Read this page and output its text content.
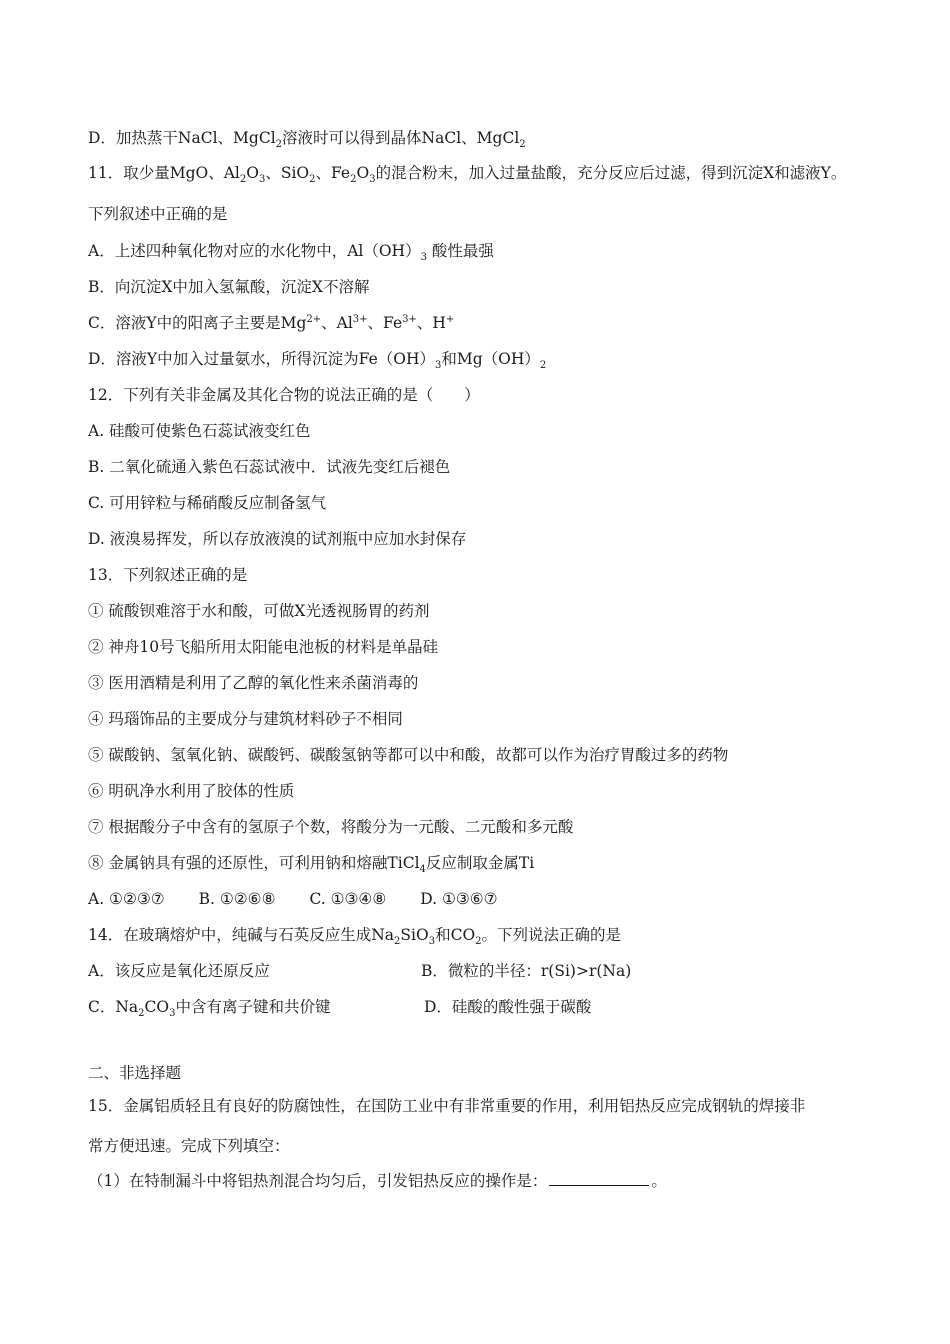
D．加热蒸干NaCl、MgCl$_2$溶液时可以得到晶体NaCl、MgCl$_2$
11．取少量MgO、$Al_2O_3$、SiO$_2$、$Fe_2O_3$的混合粉末，加入过量盐酸，充分反应后过滤，得到沉淀X和滤液Y。
下列叙述中正确的是
A．上述四种氧化物对应的水化物中，$Al(OH)_3$ 酸性最强
B．向沉淀X中加入氢氟酸，沉淀X不溶解
C．溶液Y中的阳离子主要是$Mg^{2+}$、$Al^{3+}$、$Fe^{3+}$、H+
D．溶液Y中加入过量氨水，所得沉淀为$Fe(OH)_3$和$Mg(OH)_2$
12．下列有关非金属及其化合物的说法正确的是（　　）
A. 硅酸可使紫色石蕊试液变红色
B. 二氧化硫通入紫色石蕊试液中．试液先变红后褪色
C. 可用锌粒与稀硝酸反应制备氢气
D. 液溴易挥发，所以存放液溴的试剂瓶中应加水封保存
13．下列叙述正确的是
① 硫酸钡难溶于水和酸，可做X光透视肠胃的药剂
② 神舟10号飞船所用太阳能电池板的材料是单晶硅
③ 医用酒精是利用了乙醇的氧化性来杀菌消毒的
④ 玛瑙饰品的主要成分与建筑材料砂子不相同
⑤ 碳酸钠、氢氧化钠、碳酸钙、碳酸氢钠等都可以中和酸，故都可以作为治疗胃酸过多的药物
⑥ 明矾净水利用了胶体的性质
⑦ 根据酸分子中含有的氢原子个数，将酸分为一元酸、二元酸和多元酸
⑧ 金属钠具有强的还原性，可利用钠和熔融TiCl$_4$反应制取金属Ti
A. ①②③⑦ B. ①②⑥⑧ C. ①③④⑧ D. ①③⑥⑦
14．在玻璃熔炉中，纯碱与石英反应生成$Na_2SiO_3$和$CO_2$。下列说法正确的是
A．该反应是氧化还原反应	B．微粒的半径：r(Si)>r(Na)
C．$Na_2CO_3$中含有离子键和共价键	D．硅酸的酸性强于碳酸
二、非选择题
15．金属铝质轻且有良好的防腐蚀性，在国防工业中有非常重要的作用，利用铝热反应完成钢轨的焊接非
常方便迅速。完成下列填空：
（1）在特制漏斗中将铝热剂混合均匀后，引发铝热反应的操作是：	。
